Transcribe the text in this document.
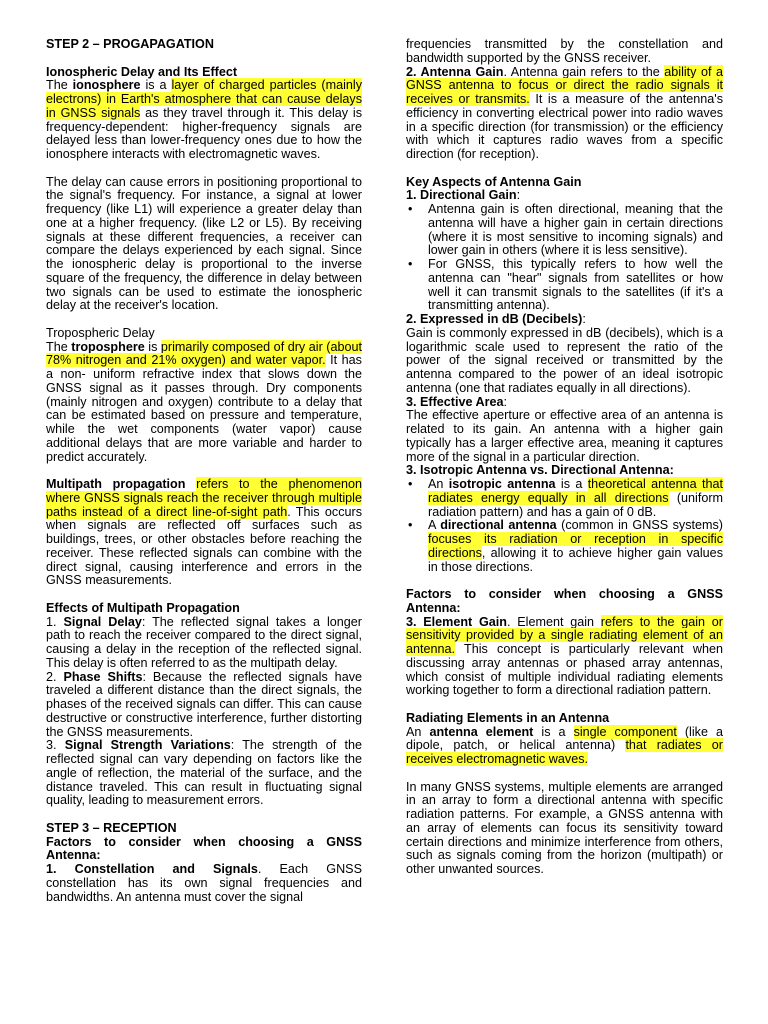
STEP 2 – PROGAPAGATION

Ionospheric Delay and Its Effect

The ionosphere is a layer of charged particles (mainly electrons) in Earth's atmosphere that can cause delays in GNSS signals as they travel through it. This delay is frequency-dependent: higher-frequency signals are delayed less than lower-frequency ones due to how the ionosphere interacts with electromagnetic waves.

The delay can cause errors in positioning proportional to the signal's frequency. For instance, a signal at lower frequency (like L1) will experience a greater delay than one at a higher frequency. (like L2 or L5). By receiving signals at these different frequencies, a receiver can compare the delays experienced by each signal. Since the ionospheric delay is proportional to the inverse square of the frequency, the difference in delay between two signals can be used to estimate the ionospheric delay at the receiver's location.

Tropospheric Delay

The troposphere is primarily composed of dry air (about 78% nitrogen and 21% oxygen) and water vapor. It has a non- uniform refractive index that slows down the GNSS signal as it passes through. Dry components (mainly nitrogen and oxygen) contribute to a delay that can be estimated based on pressure and temperature, while the wet components (water vapor) cause additional delays that are more variable and harder to predict accurately.

Multipath propagation refers to the phenomenon where GNSS signals reach the receiver through multiple paths instead of a direct line-of-sight path. This occurs when signals are reflected off surfaces such as buildings, trees, or other obstacles before reaching the receiver. These reflected signals can combine with the direct signal, causing interference and errors in the GNSS measurements.

Effects of Multipath Propagation

1. Signal Delay: The reflected signal takes a longer path to reach the receiver compared to the direct signal, causing a delay in the reception of the reflected signal. This delay is often referred to as the multipath delay.

2. Phase Shifts: Because the reflected signals have traveled a different distance than the direct signals, the phases of the received signals can differ. This can cause destructive or constructive interference, further distorting the GNSS measurements.

3. Signal Strength Variations: The strength of the reflected signal can vary depending on factors like the angle of reflection, the material of the surface, and the distance traveled. This can result in fluctuating signal quality, leading to measurement errors.

STEP 3 – RECEPTION

Factors to consider when choosing a GNSS Antenna:

1. Constellation and Signals. Each GNSS constellation has its own signal frequencies and bandwidths. An antenna must cover the signal

frequencies transmitted by the constellation and bandwidth supported by the GNSS receiver.

2. Antenna Gain. Antenna gain refers to the ability of a GNSS antenna to focus or direct the radio signals it receives or transmits. It is a measure of the antenna's efficiency in converting electrical power into radio waves in a specific direction (for transmission) or the efficiency with which it captures radio waves from a specific direction (for reception).

Key Aspects of Antenna Gain

1. Directional Gain:

• Antenna gain is often directional, meaning that the antenna will have a higher gain in certain directions (where it is most sensitive to incoming signals) and lower gain in others (where it is less sensitive).
• For GNSS, this typically refers to how well the antenna can "hear" signals from satellites or how well it can transmit signals to the satellites (if it's a transmitting antenna).

2. Expressed in dB (Decibels):

Gain is commonly expressed in dB (decibels), which is a logarithmic scale used to represent the ratio of the power of the signal received or transmitted by the antenna compared to the power of an ideal isotropic antenna (one that radiates equally in all directions).

3. Effective Area:

The effective aperture or effective area of an antenna is related to its gain. An antenna with a higher gain typically has a larger effective area, meaning it captures more of the signal in a particular direction.

3. Isotropic Antenna vs. Directional Antenna:

• An isotropic antenna is a theoretical antenna that radiates energy equally in all directions (uniform radiation pattern) and has a gain of 0 dB.
• A directional antenna (common in GNSS systems) focuses its radiation or reception in specific directions, allowing it to achieve higher gain values in those directions.

Factors to consider when choosing a GNSS Antenna:

3. Element Gain. Element gain refers to the gain or sensitivity provided by a single radiating element of an antenna. This concept is particularly relevant when discussing array antennas or phased array antennas, which consist of multiple individual radiating elements working together to form a directional radiation pattern.

Radiating Elements in an Antenna

An antenna element is a single component (like a dipole, patch, or helical antenna) that radiates or receives electromagnetic waves.

In many GNSS systems, multiple elements are arranged in an array to form a directional antenna with specific radiation patterns. For example, a GNSS antenna with an array of elements can focus its sensitivity toward certain directions and minimize interference from others, such as signals coming from the horizon (multipath) or other unwanted sources.
